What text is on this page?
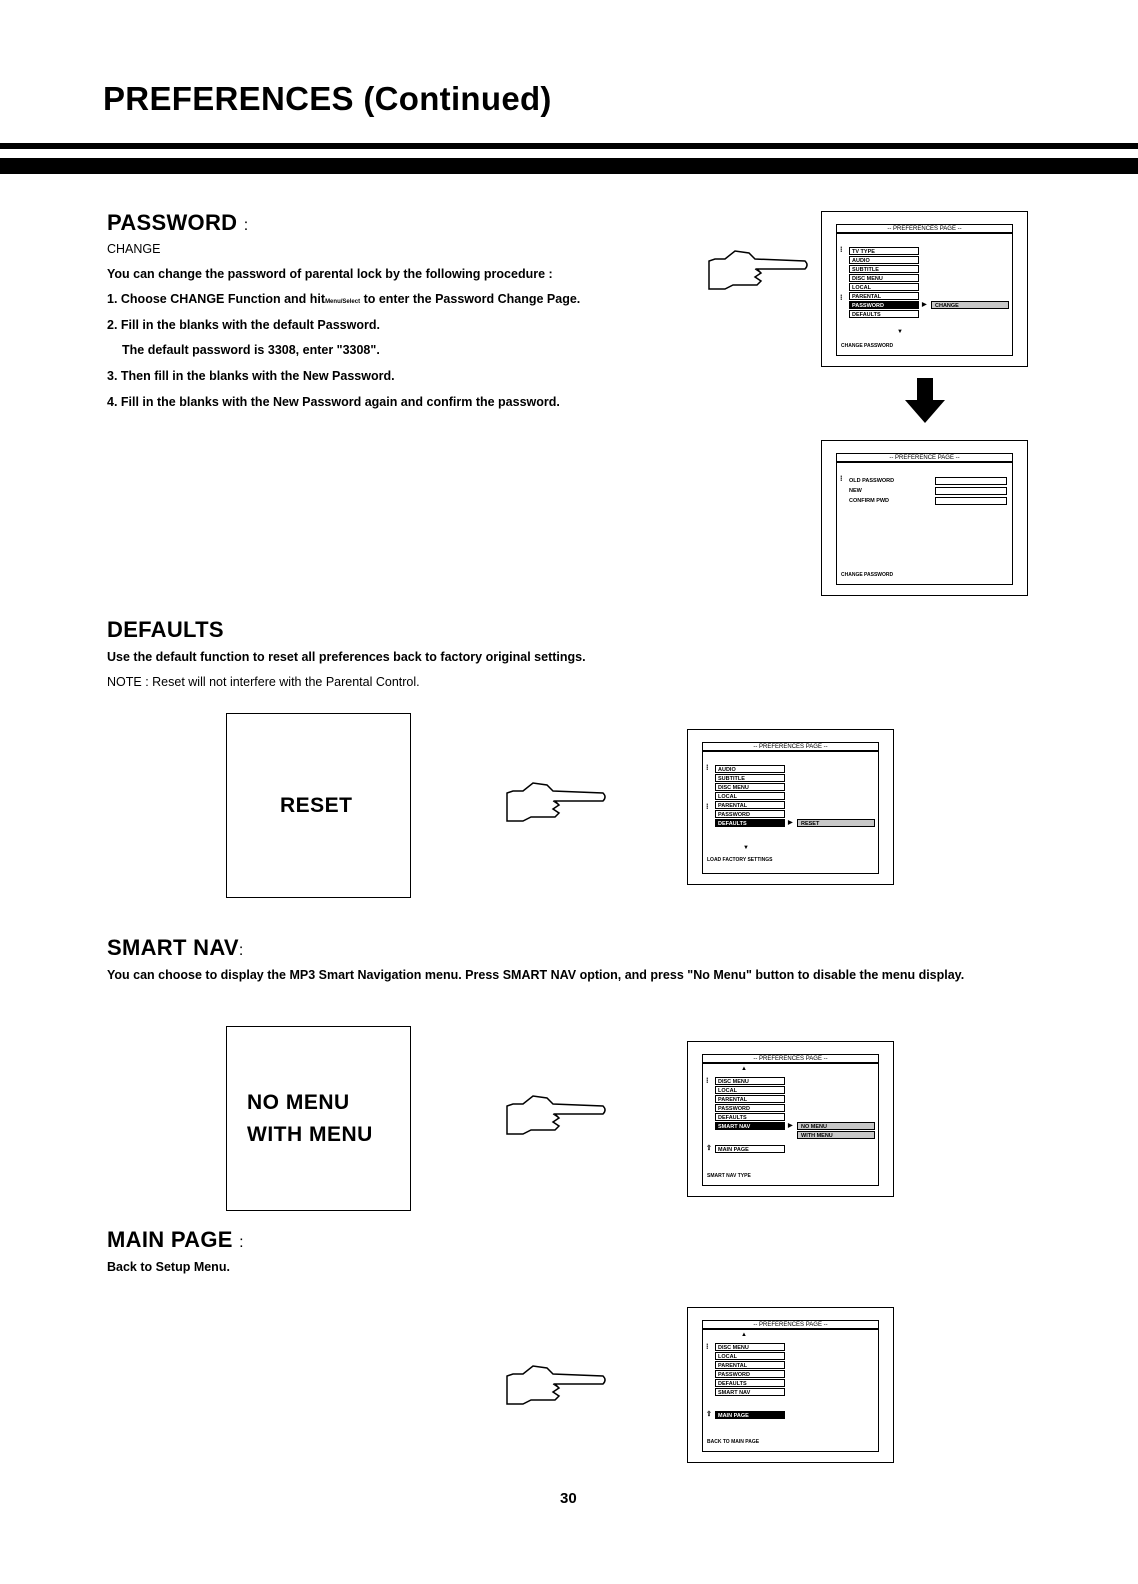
PREFERENCES (Continued)
PASSWORD :
CHANGE
You can change the password of parental lock by the following procedure :
1. Choose CHANGE Function and hitMenu/Select to enter the Password Change Page.
2. Fill in the blanks with the default Password.
The default password is 3308, enter "3308".
3. Then fill in the blanks with the New Password.
4. Fill in the blanks with the New Password again and confirm the password.
-- PREFERENCES PAGE --
⁝
⁝
TV TYPE
AUDIO
SUBTITLE
DISC MENU
LOCAL
PARENTAL
PASSWORD
DEFAULTS
▶	CHANGE
▼
CHANGE PASSWORD
-- PREFERENCE PAGE --
⁝ OLD PASSWORD
NEW
CONFIRM PWD
CHANGE PASSWORD
DEFAULTS
Use the default function to reset all preferences back to factory original settings.
NOTE : Reset will not interfere with the Parental Control.
RESET
-- PREFERENCES PAGE --
⁝
⁝
AUDIO
SUBTITLE
DISC MENU
LOCAL
PARENTAL
PASSWORD
DEFAULTS	▶	RESET
▼
LOAD FACTORY SETTINGS
SMART NAV:
You can choose to display the MP3 Smart Navigation menu. Press SMART NAV option, and press "No Menu" button to disable the menu display.
NO MENU
WITH MENU
-- PREFERENCES PAGE --
▲
⁝	DISC MENU
LOCAL
PARENTAL
PASSWORD
DEFAULTS
SMART NAV	▶	NO MENU
WITH MENU
⇧	MAIN PAGE
SMART NAV TYPE
MAIN PAGE :
Back to Setup Menu.
-- PREFERENCES PAGE --
▲
⁝	DISC MENU
LOCAL
PARENTAL
PASSWORD
DEFAULTS
SMART NAV
⇧	MAIN PAGE
BACK TO MAIN PAGE
30
